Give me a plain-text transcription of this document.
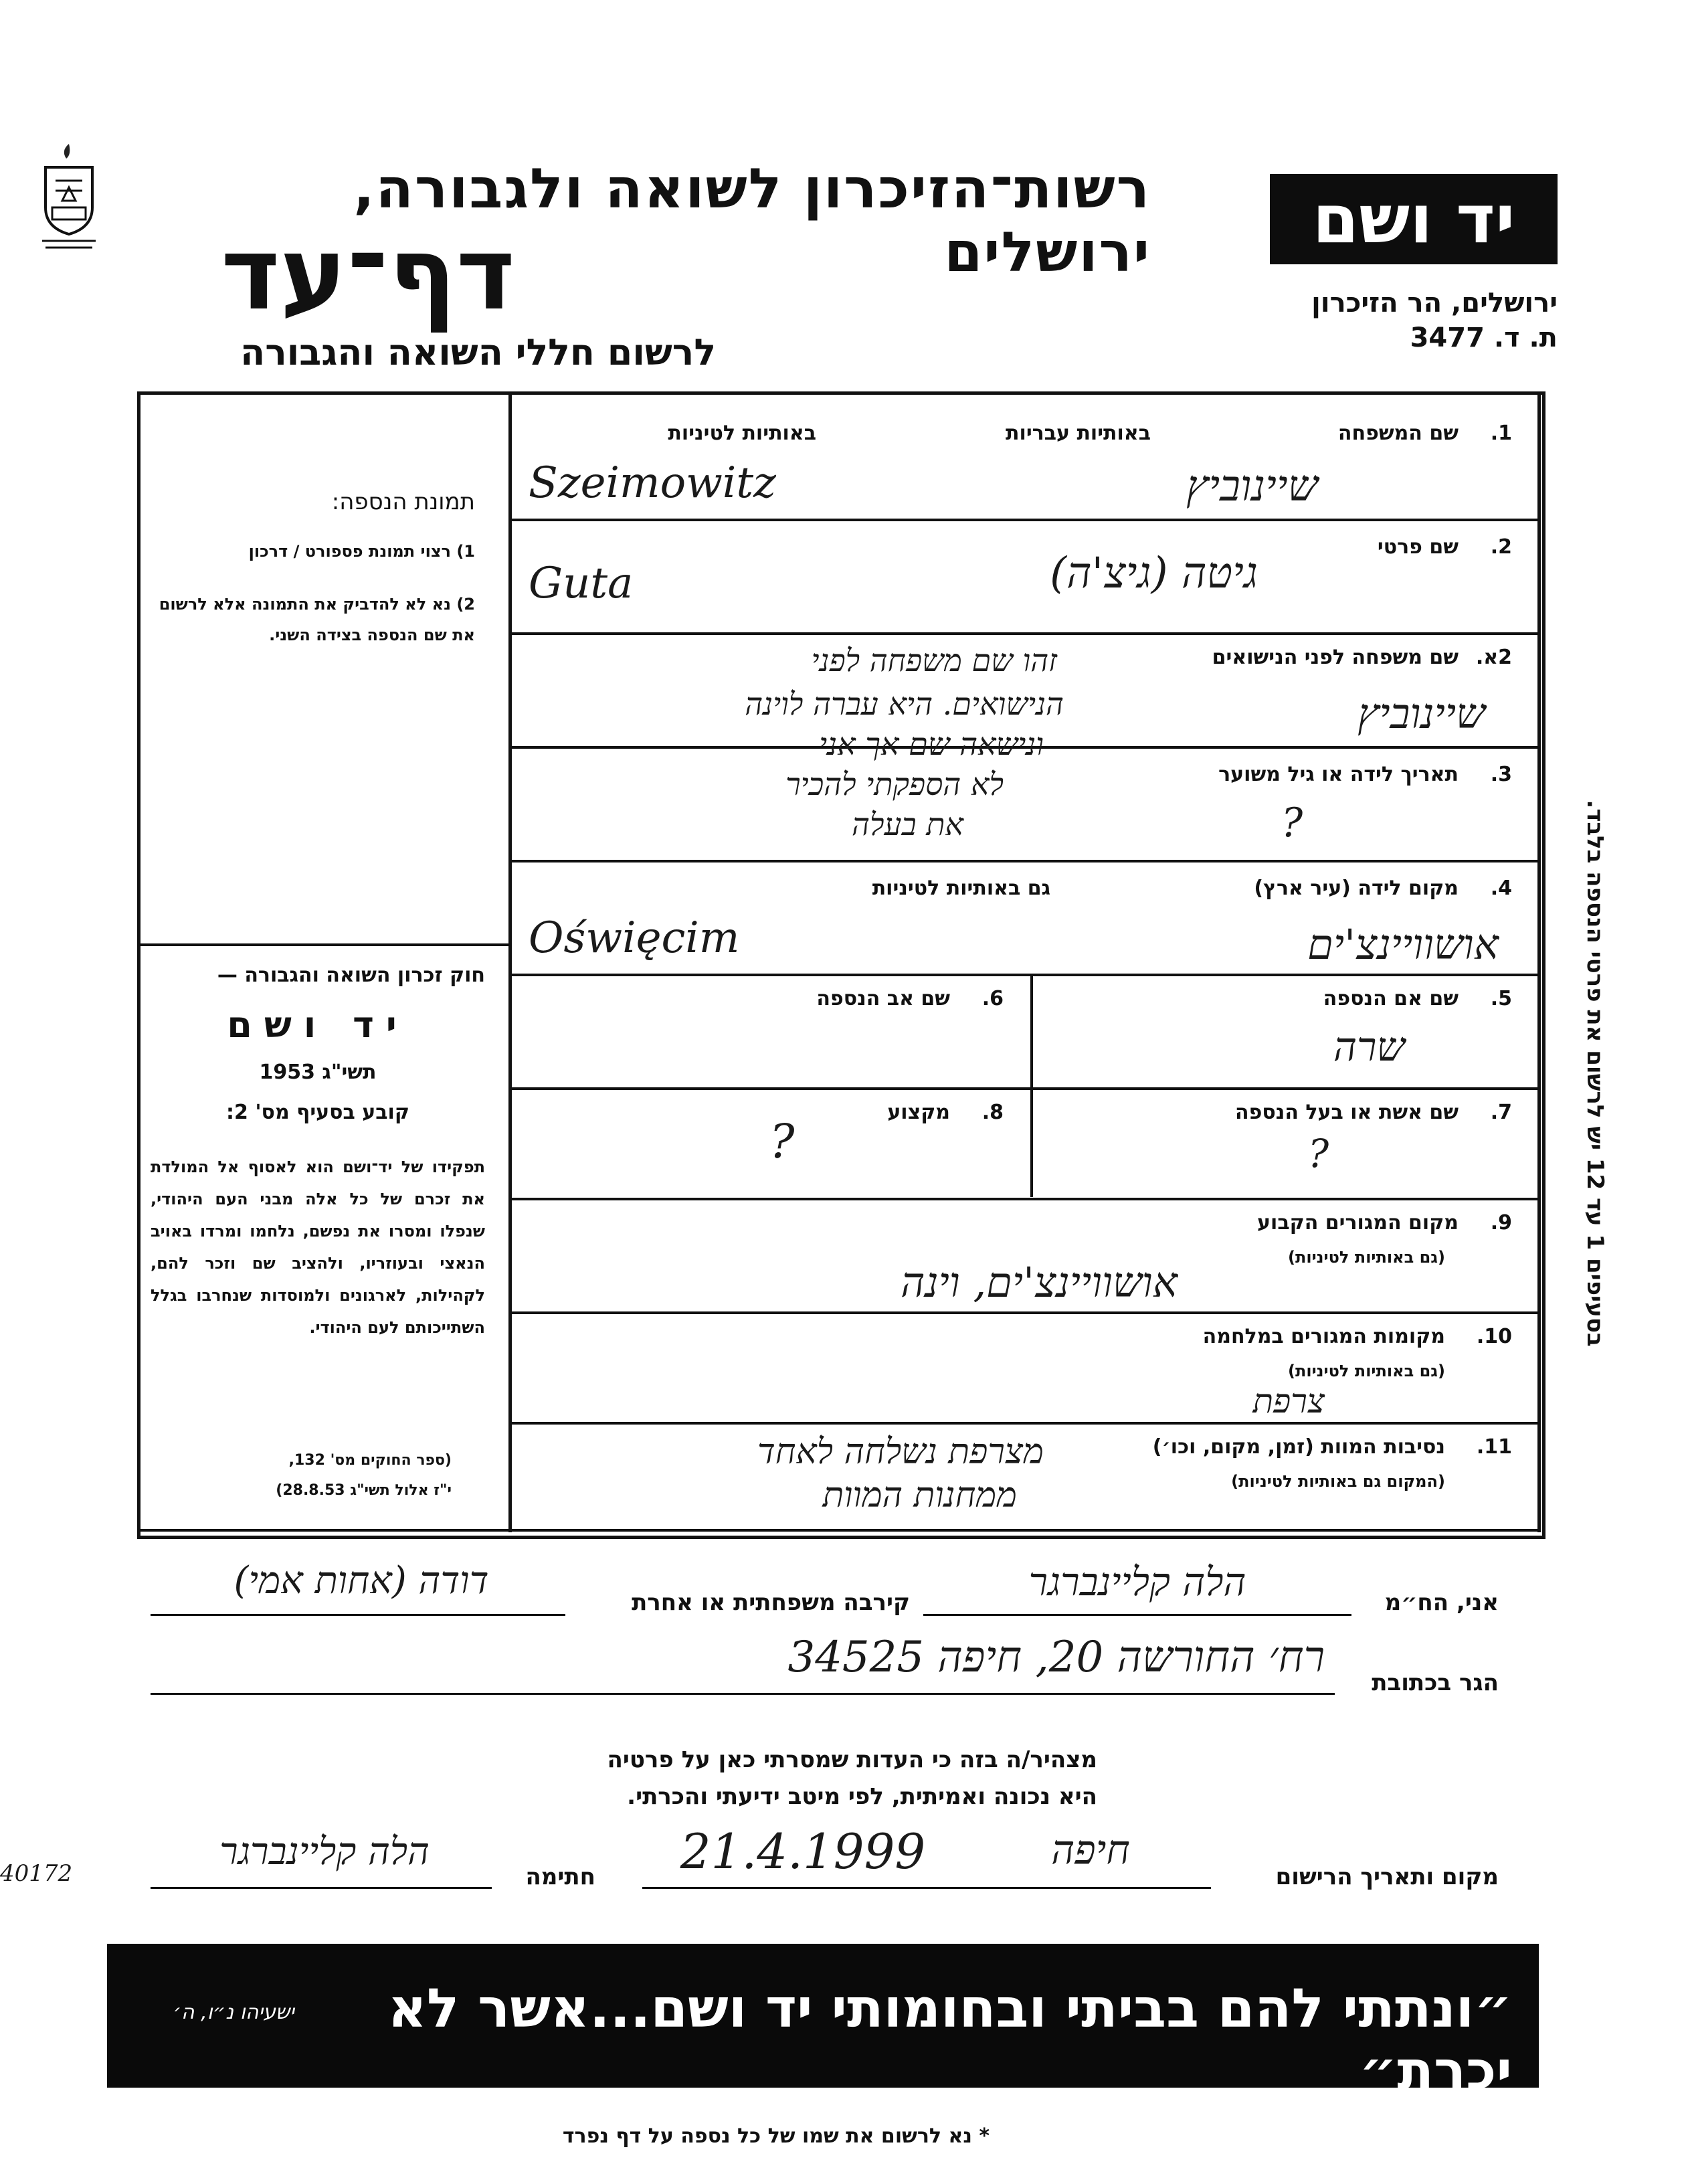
רשות־הזיכרון לשואה ולגבורה, ירושלים
דף־עד
לרשום חללי השואה והגבורה
יד ושם
ירושלים, הר הזיכרון
ת. ד. 3477
תמונת הנספה:
1) רצוי תמונת פספורט / דרכון
2) נא לא להדביק את התמונה אלא לרשום את שם הנספה בצידה השני.
חוק זכרון השואה והגבורה —
יד ושם
תשי"ג 1953
קובע בסעיף מס' 2:
תפקידו של יד־ושם הוא לאסוף אל המולדת את זכרם של כל אלה מבני העם היהודי, שנפלו ומסרו את נפשם, נלחמו ומרדו באויב הנאצי ובעוזריו, ולהציב שם וזכר להם, לקהילות, לארגונים ולמוסדות שנחרבו בגלל השתייכותם לעם היהודי.
(ספר החוקים מס' 132,
י"ז אלול תשי"ג 28.8.53)
1.
שם המשפחה
באותיות עבריות
באותיות לטיניות
שיינוביץ
Szeimowitz
2.
שם פרטי
גיטה (גיצ'ה)
Guta
2א.
שם משפחה לפני הנישואים
שיינוביץ
זהו שם משפחה לפני
הנישואים. היא עברה לוינה
ונישאה שם אך אני
3.
תאריך לידה או גיל משוער
?
לא הספקתי להכיר
את בעלה
4.
מקום לידה (עיר ארץ)
גם באותיות לטיניות
אושוויינצ'ים
Oświęcim
5.
שם אם הנספה
שרה
6.
שם אב הנספה
7.
שם אשת או בעל הנספה
?
8.
מקצוע
?
9.
מקום המגורים הקבוע
(גם באותיות לטיניות)
אושוויינצ'ים, וינה
10.
מקומות המגורים במלחמה
(גם באותיות לטיניות)
צרפת
11.
נסיבות המוות (זמן, מקום, וכו׳)
(המקום גם באותיות לטיניות)
מצרפת נשלחה לאחד
ממחנות המוות
בסעיפים 1 עד 12 יש לרשום את פרטי הנספה בלבד.
אני, הח״מ
הלה קליינברגר
קירבה משפחתית או אחרת
דודה (אחות אמי)
הגר בכתובת
רח׳ החורשה 20, חיפה 34525
מצהיר/ה בזה כי העדות שמסרתי כאן על פרטיה
היא נכונה ואמיתית, לפי מיטב ידיעתי והכרתי.
מקום ותאריך הרישום
חיפה
21.4.1999
חתימה
הלה קליינברגר
40172
״ונתתי להם בביתי ובחומותי יד ושם...אשר לא יכרת״
ישעיהו נ״ו, ה׳
* נא לרשום את שמו של כל נספה על דף נפרד
